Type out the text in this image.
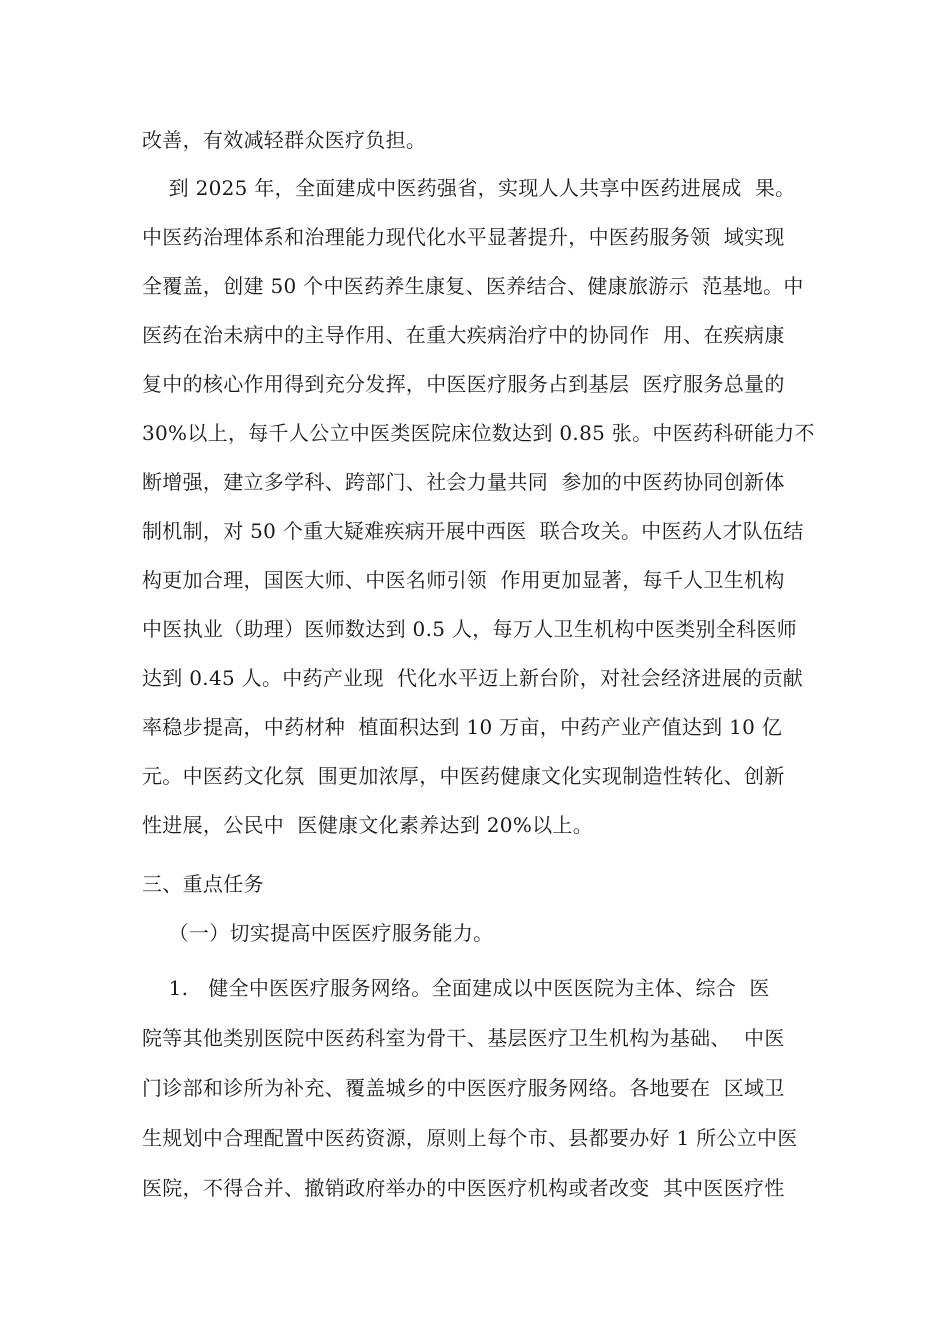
改善，有效减轻群众医疗负担。
到 2025 年，全面建成中医药强省，实现人人共享中医药进展成  果。
中医药治理体系和治理能力现代化水平显著提升，中医药服务领  域实现
全覆盖，创建 50 个中医药养生康复、医养结合、健康旅游示  范基地。中
医药在治未病中的主导作用、在重大疾病治疗中的协同作  用、在疾病康
复中的核心作用得到充分发挥，中医医疗服务占到基层  医疗服务总量的
30%以上，每千人公立中医类医院床位数达到 0.85 张。中医药科研能力不
断增强，建立多学科、跨部门、社会力量共同  参加的中医药协同创新体
制机制，对 50 个重大疑难疾病开展中西医  联合攻关。中医药人才队伍结
构更加合理，国医大师、中医名师引领  作用更加显著，每千人卫生机构
中医执业（助理）医师数达到 0.5 人，每万人卫生机构中医类别全科医师
达到 0.45 人。中药产业现  代化水平迈上新台阶，对社会经济进展的贡献
率稳步提高，中药材种  植面积达到 10 万亩，中药产业产值达到 10 亿
元。中医药文化氛  围更加浓厚，中医药健康文化实现制造性转化、创新
性进展，公民中  医健康文化素养达到 20%以上。
三、重点任务
（一）切实提高中医医疗服务能力。
1.   健全中医医疗服务网络。全面建成以中医医院为主体、综合  医
院等其他类别医院中医药科室为骨干、基层医疗卫生机构为基础、  中医
门诊部和诊所为补充、覆盖城乡的中医医疗服务网络。各地要在  区域卫
生规划中合理配置中医药资源，原则上每个市、县都要办好 1 所公立中医
医院，不得合并、撤销政府举办的中医医疗机构或者改变  其中医医疗性
